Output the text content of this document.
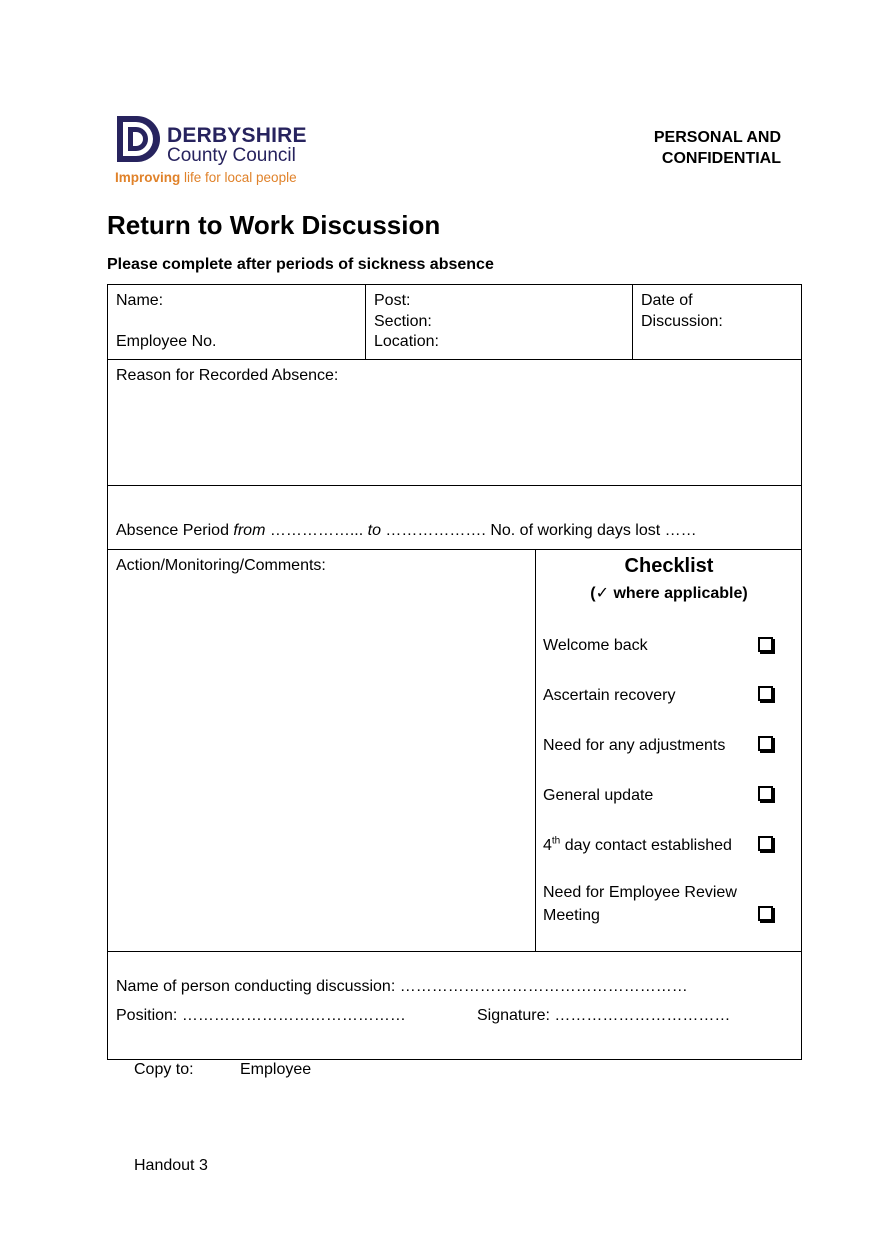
DERBYSHIRE
County Council
Improving life for local people
PERSONAL AND
CONFIDENTIAL
Return to Work Discussion
Please complete after periods of sickness absence
Name:
Employee No.
Post:
Section:
Location:
Date of
Discussion:
Reason for Recorded Absence:
Absence Period from ……………... to ………………. No. of working days lost ……
Action/Monitoring/Comments:	Checklist
(✓ where applicable)
Welcome back
Ascertain recovery
Need for any adjustments
General update
4th day contact established
Need for Employee Review
Meeting
Name of person conducting discussion: ………………………………………………
Position: ……………………………………	Signature: ……………………………
Copy to:	Employee
Handout 3
